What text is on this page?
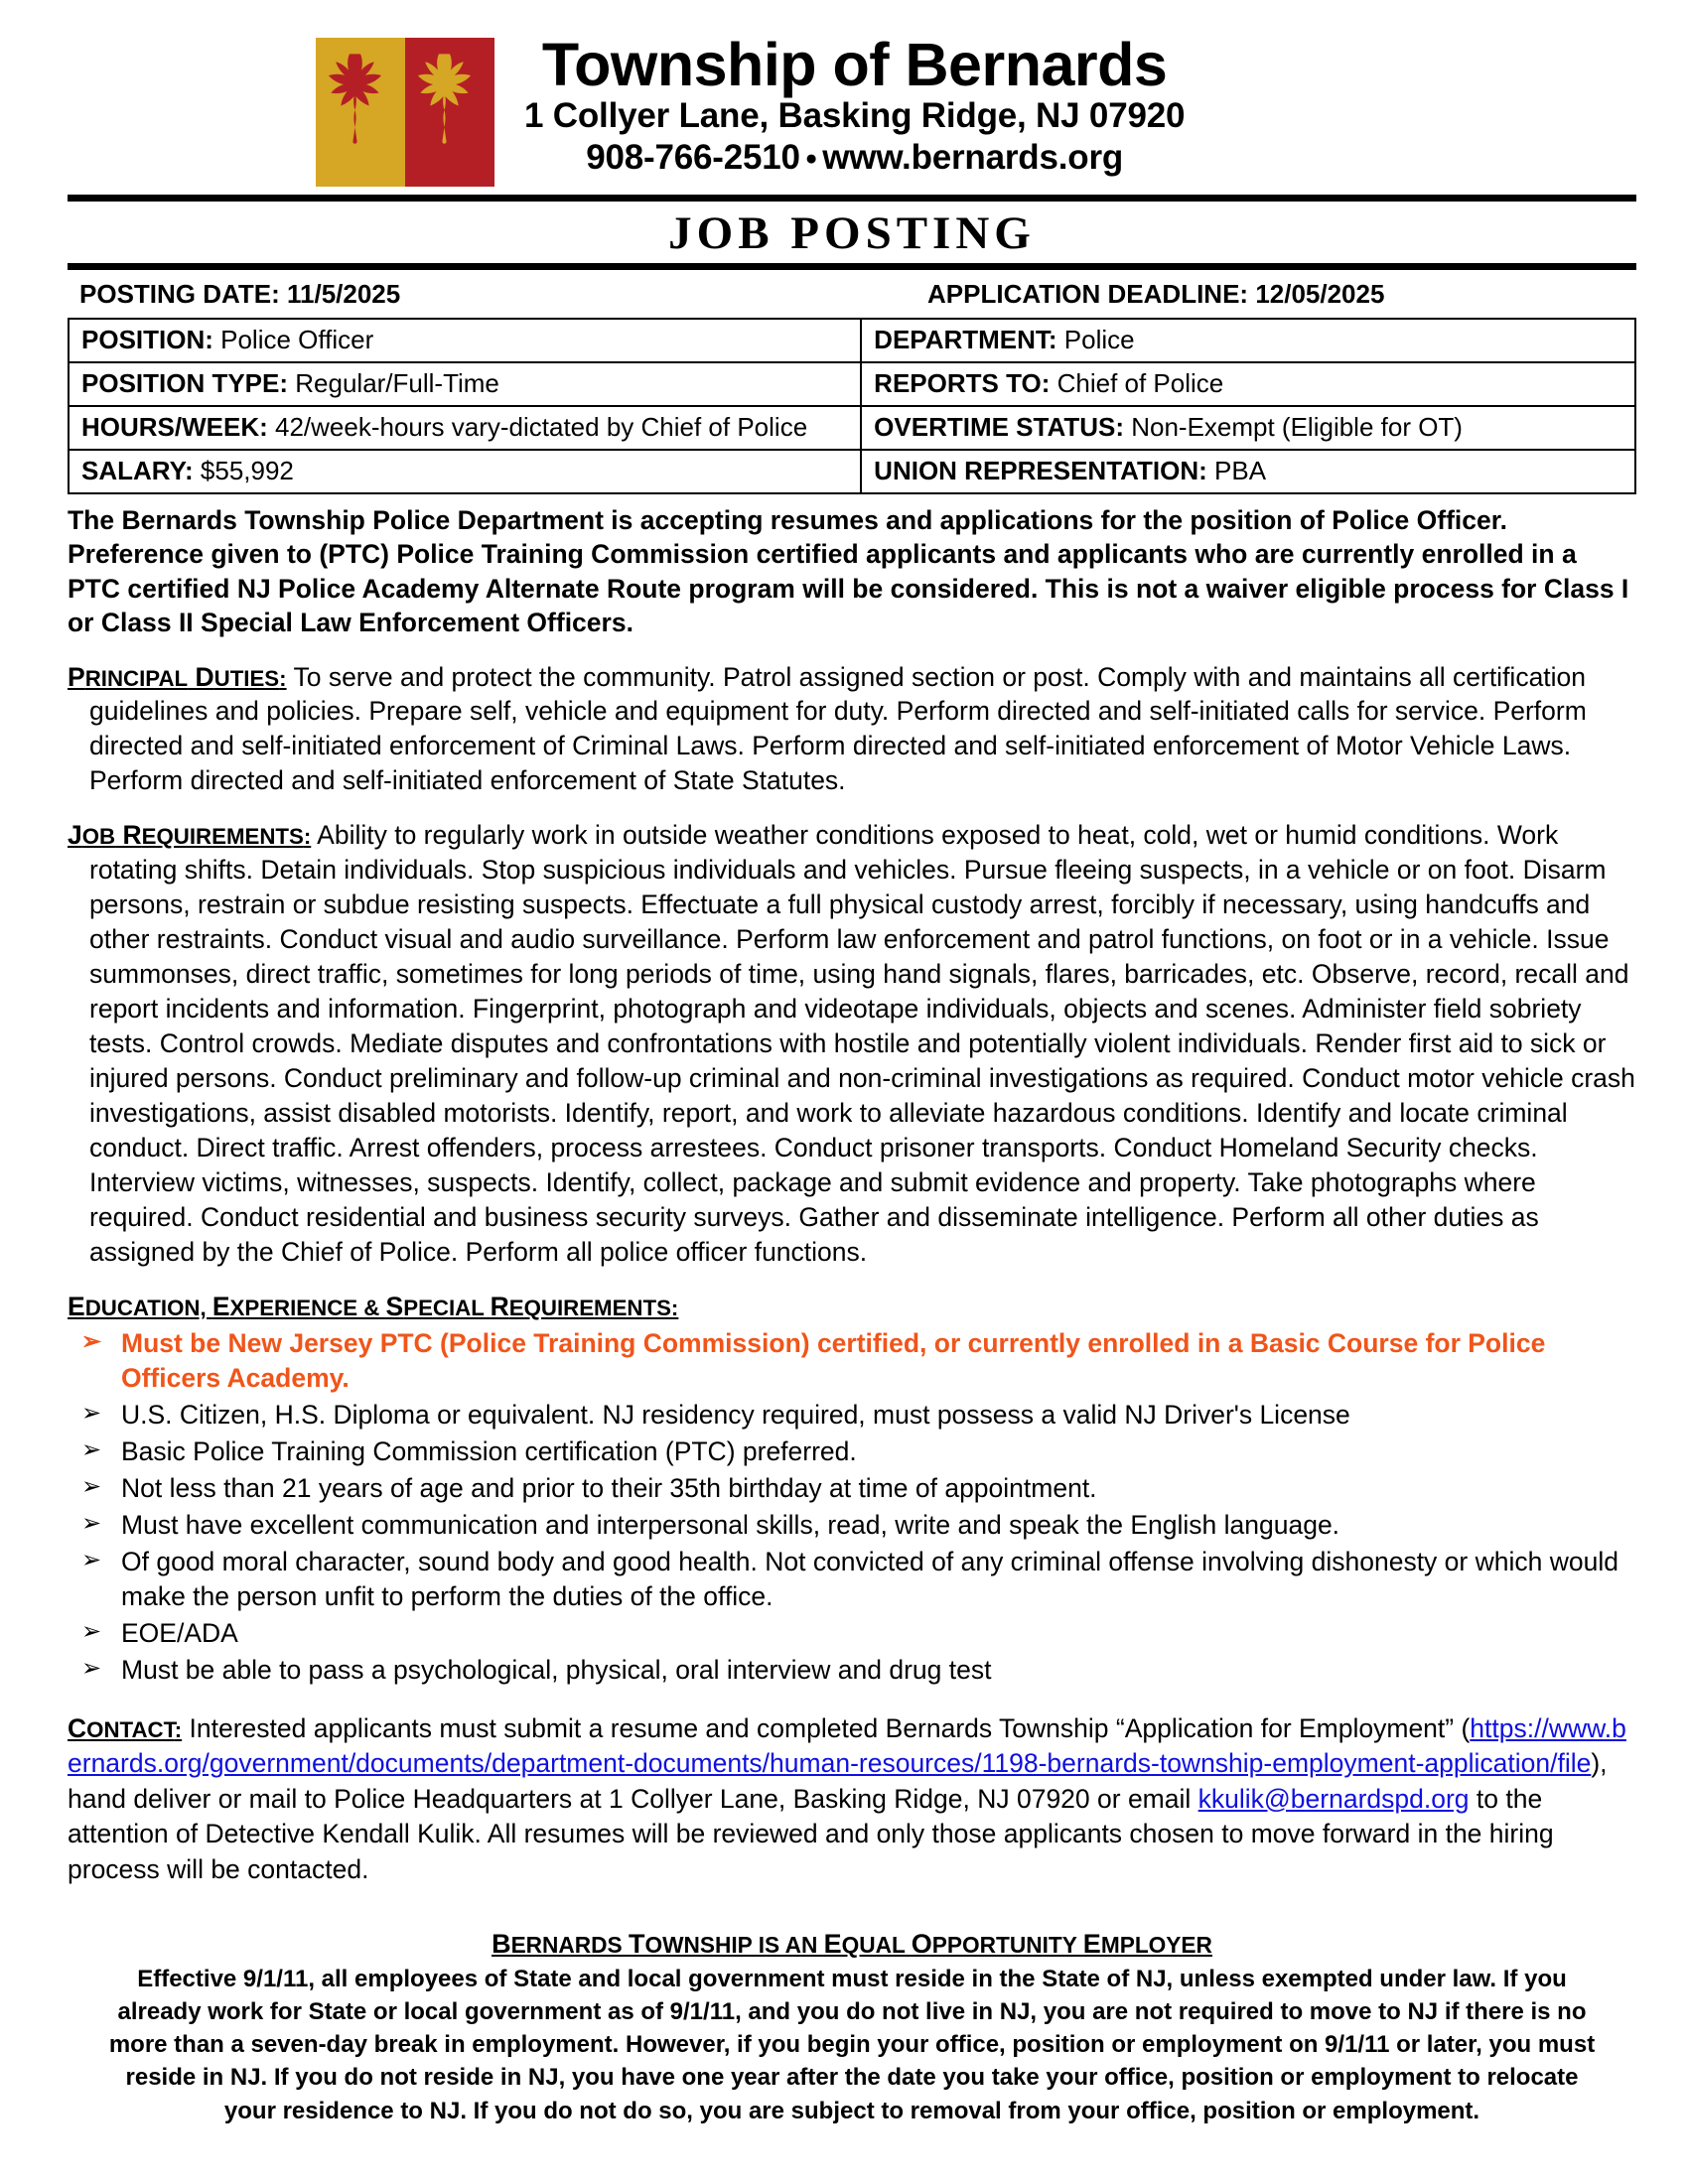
Township of Bernards
1 Collyer Lane, Basking Ridge, NJ 07920
908-766-2510 ● www.bernards.org
JOB POSTING
POSTING DATE: 11/5/2025	APPLICATION DEADLINE: 12/05/2025
POSITION: Police Officer	DEPARTMENT: Police
POSITION TYPE: Regular/Full-Time	REPORTS TO: Chief of Police
HOURS/WEEK: 42/week-hours vary-dictated by Chief of Police	OVERTIME STATUS: Non-Exempt (Eligible for OT)
SALARY: $55,992	UNION REPRESENTATION: PBA

The Bernards Township Police Department is accepting resumes and applications for the position of Police Officer. Preference given to (PTC) Police Training Commission certified applicants and applicants who are currently enrolled in a PTC certified NJ Police Academy Alternate Route program will be considered. This is not a waiver eligible process for Class I or Class II Special Law Enforcement Officers.

PRINCIPAL DUTIES: To serve and protect the community. Patrol assigned section or post. Comply with and maintains all certification guidelines and policies. Prepare self, vehicle and equipment for duty. Perform directed and self-initiated calls for service. Perform directed and self-initiated enforcement of Criminal Laws. Perform directed and self-initiated enforcement of Motor Vehicle Laws. Perform directed and self-initiated enforcement of State Statutes.

JOB REQUIREMENTS: Ability to regularly work in outside weather conditions exposed to heat, cold, wet or humid conditions. Work rotating shifts. Detain individuals. Stop suspicious individuals and vehicles. Pursue fleeing suspects, in a vehicle or on foot. Disarm persons, restrain or subdue resisting suspects. Effectuate a full physical custody arrest, forcibly if necessary, using handcuffs and other restraints. Conduct visual and audio surveillance. Perform law enforcement and patrol functions, on foot or in a vehicle. Issue summonses, direct traffic, sometimes for long periods of time, using hand signals, flares, barricades, etc. Observe, record, recall and report incidents and information. Fingerprint, photograph and videotape individuals, objects and scenes. Administer field sobriety tests. Control crowds. Mediate disputes and confrontations with hostile and potentially violent individuals. Render first aid to sick or injured persons. Conduct preliminary and follow-up criminal and non-criminal investigations as required. Conduct motor vehicle crash investigations, assist disabled motorists. Identify, report, and work to alleviate hazardous conditions. Identify and locate criminal conduct. Direct traffic. Arrest offenders, process arrestees. Conduct prisoner transports. Conduct Homeland Security checks. Interview victims, witnesses, suspects. Identify, collect, package and submit evidence and property. Take photographs where required. Conduct residential and business security surveys. Gather and disseminate intelligence. Perform all other duties as assigned by the Chief of Police. Perform all police officer functions.

EDUCATION, EXPERIENCE & SPECIAL REQUIREMENTS:
➢ Must be New Jersey PTC (Police Training Commission) certified, or currently enrolled in a Basic Course for Police Officers Academy.
➢ U.S. Citizen, H.S. Diploma or equivalent. NJ residency required, must possess a valid NJ Driver's License
➢ Basic Police Training Commission certification (PTC) preferred.
➢ Not less than 21 years of age and prior to their 35th birthday at time of appointment.
➢ Must have excellent communication and interpersonal skills, read, write and speak the English language.
➢ Of good moral character, sound body and good health. Not convicted of any criminal offense involving dishonesty or which would make the person unfit to perform the duties of the office.
➢ EOE/ADA
➢ Must be able to pass a psychological, physical, oral interview and drug test

CONTACT: Interested applicants must submit a resume and completed Bernards Township “Application for Employment” (https://www.bernards.org/government/documents/department-documents/human-resources/1198-bernards-township-employment-application/file), hand deliver or mail to Police Headquarters at 1 Collyer Lane, Basking Ridge, NJ 07920 or email kkulik@bernardspd.org to the attention of Detective Kendall Kulik. All resumes will be reviewed and only those applicants chosen to move forward in the hiring process will be contacted.

BERNARDS TOWNSHIP IS AN EQUAL OPPORTUNITY EMPLOYER
Effective 9/1/11, all employees of State and local government must reside in the State of NJ, unless exempted under law. If you already work for State or local government as of 9/1/11, and you do not live in NJ, you are not required to move to NJ if there is no more than a seven-day break in employment. However, if you begin your office, position or employment on 9/1/11 or later, you must reside in NJ. If you do not reside in NJ, you have one year after the date you take your office, position or employment to relocate your residence to NJ. If you do not do so, you are subject to removal from your office, position or employment.
